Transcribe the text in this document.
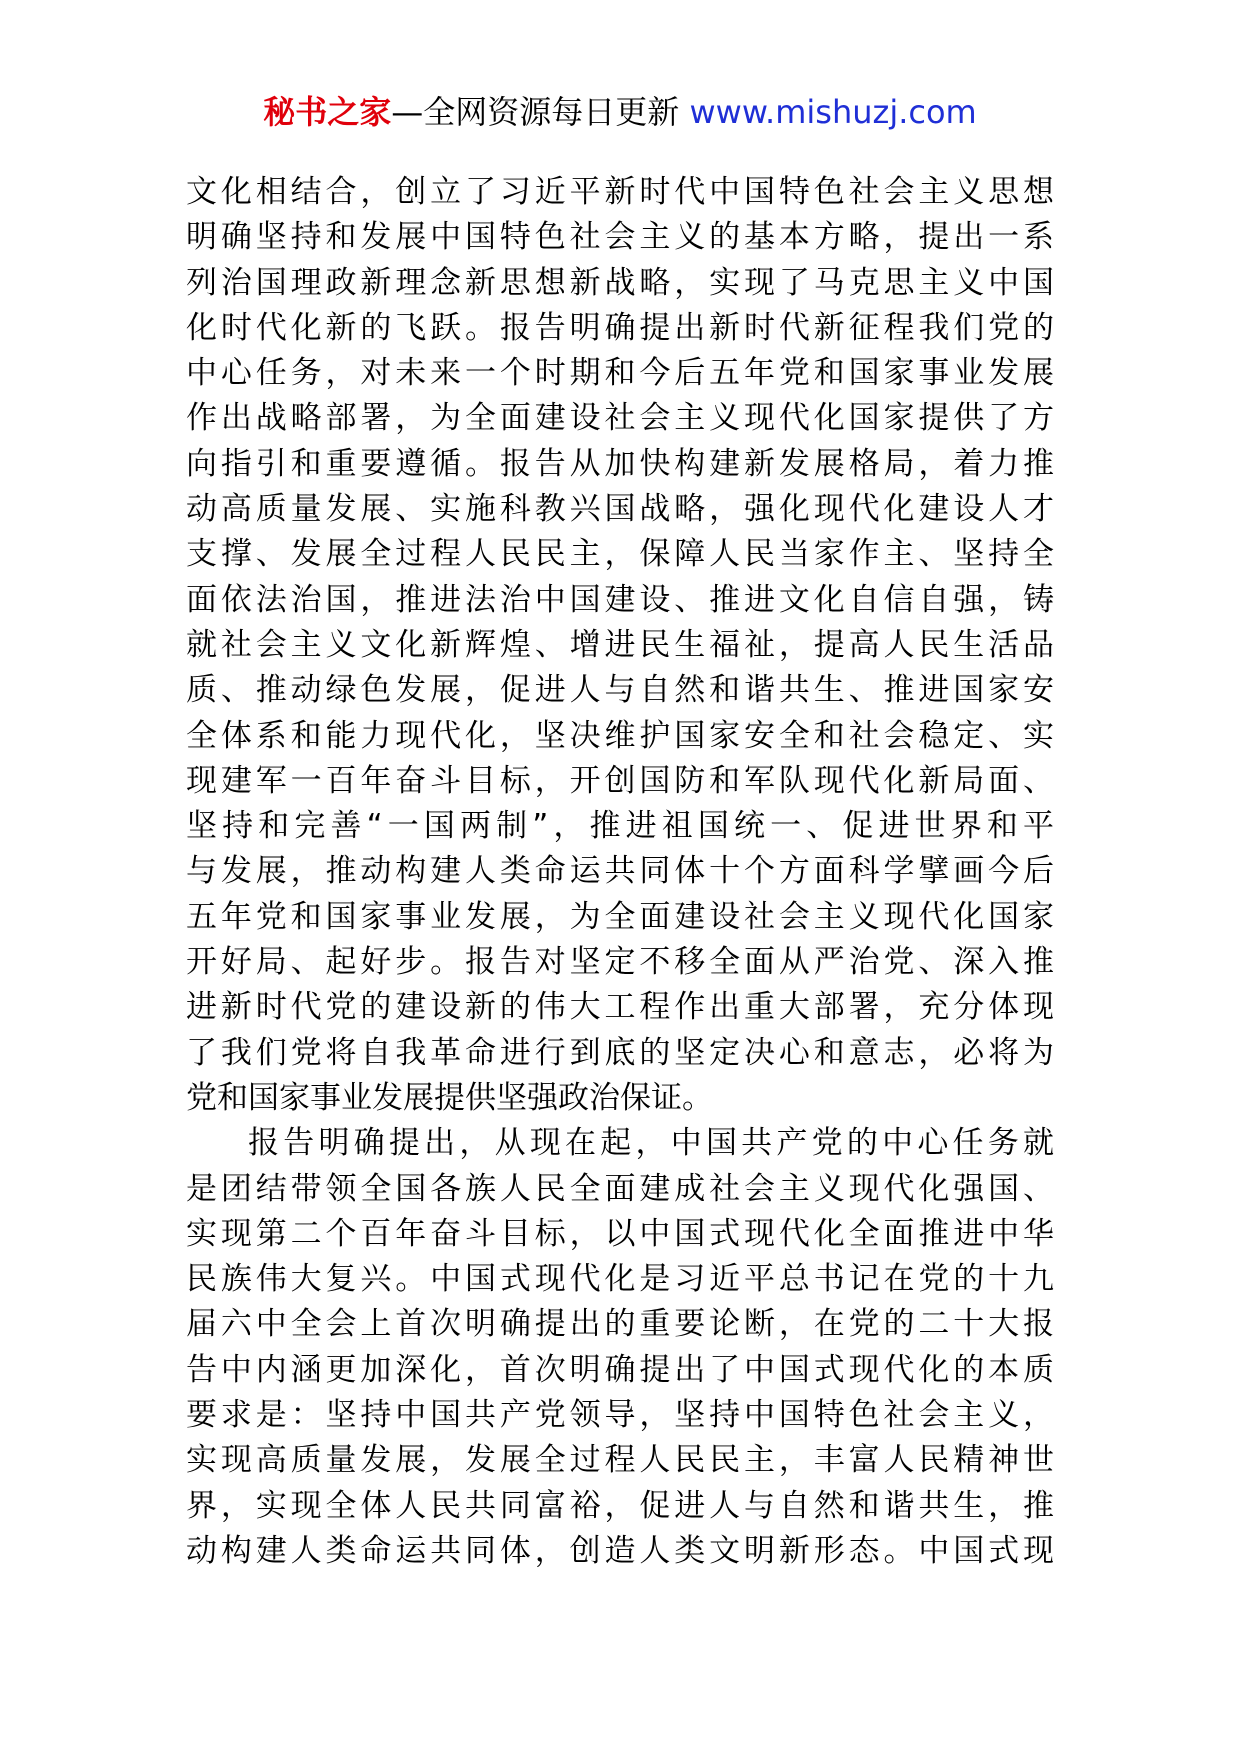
秘书之家—全网资源每日更新 www.mishuzj.com
文化相结合，创立了习近平新时代中国特色社会主义思想
明确坚持和发展中国特色社会主义的基本方略，提出一系
列治国理政新理念新思想新战略，实现了马克思主义中国
化时代化新的飞跃。报告明确提出新时代新征程我们党的
中心任务，对未来一个时期和今后五年党和国家事业发展
作出战略部署，为全面建设社会主义现代化国家提供了方
向指引和重要遵循。报告从加快构建新发展格局，着力推
动高质量发展、实施科教兴国战略，强化现代化建设人才
支撑、发展全过程人民民主，保障人民当家作主、坚持全
面依法治国，推进法治中国建设、推进文化自信自强，铸
就社会主义文化新辉煌、增进民生福祉，提高人民生活品
质、推动绿色发展，促进人与自然和谐共生、推进国家安
全体系和能力现代化，坚决维护国家安全和社会稳定、实
现建军一百年奋斗目标，开创国防和军队现代化新局面、
坚持和完善“一国两制”，推进祖国统一、促进世界和平
与发展，推动构建人类命运共同体十个方面科学擘画今后
五年党和国家事业发展，为全面建设社会主义现代化国家
开好局、起好步。报告对坚定不移全面从严治党、深入推
进新时代党的建设新的伟大工程作出重大部署，充分体现
了我们党将自我革命进行到底的坚定决心和意志，必将为
党和国家事业发展提供坚强政治保证。
报告明确提出，从现在起，中国共产党的中心任务就
是团结带领全国各族人民全面建成社会主义现代化强国、
实现第二个百年奋斗目标，以中国式现代化全面推进中华
民族伟大复兴。中国式现代化是习近平总书记在党的十九
届六中全会上首次明确提出的重要论断，在党的二十大报
告中内涵更加深化，首次明确提出了中国式现代化的本质
要求是：坚持中国共产党领导，坚持中国特色社会主义，
实现高质量发展，发展全过程人民民主，丰富人民精神世
界，实现全体人民共同富裕，促进人与自然和谐共生，推
动构建人类命运共同体，创造人类文明新形态。中国式现
